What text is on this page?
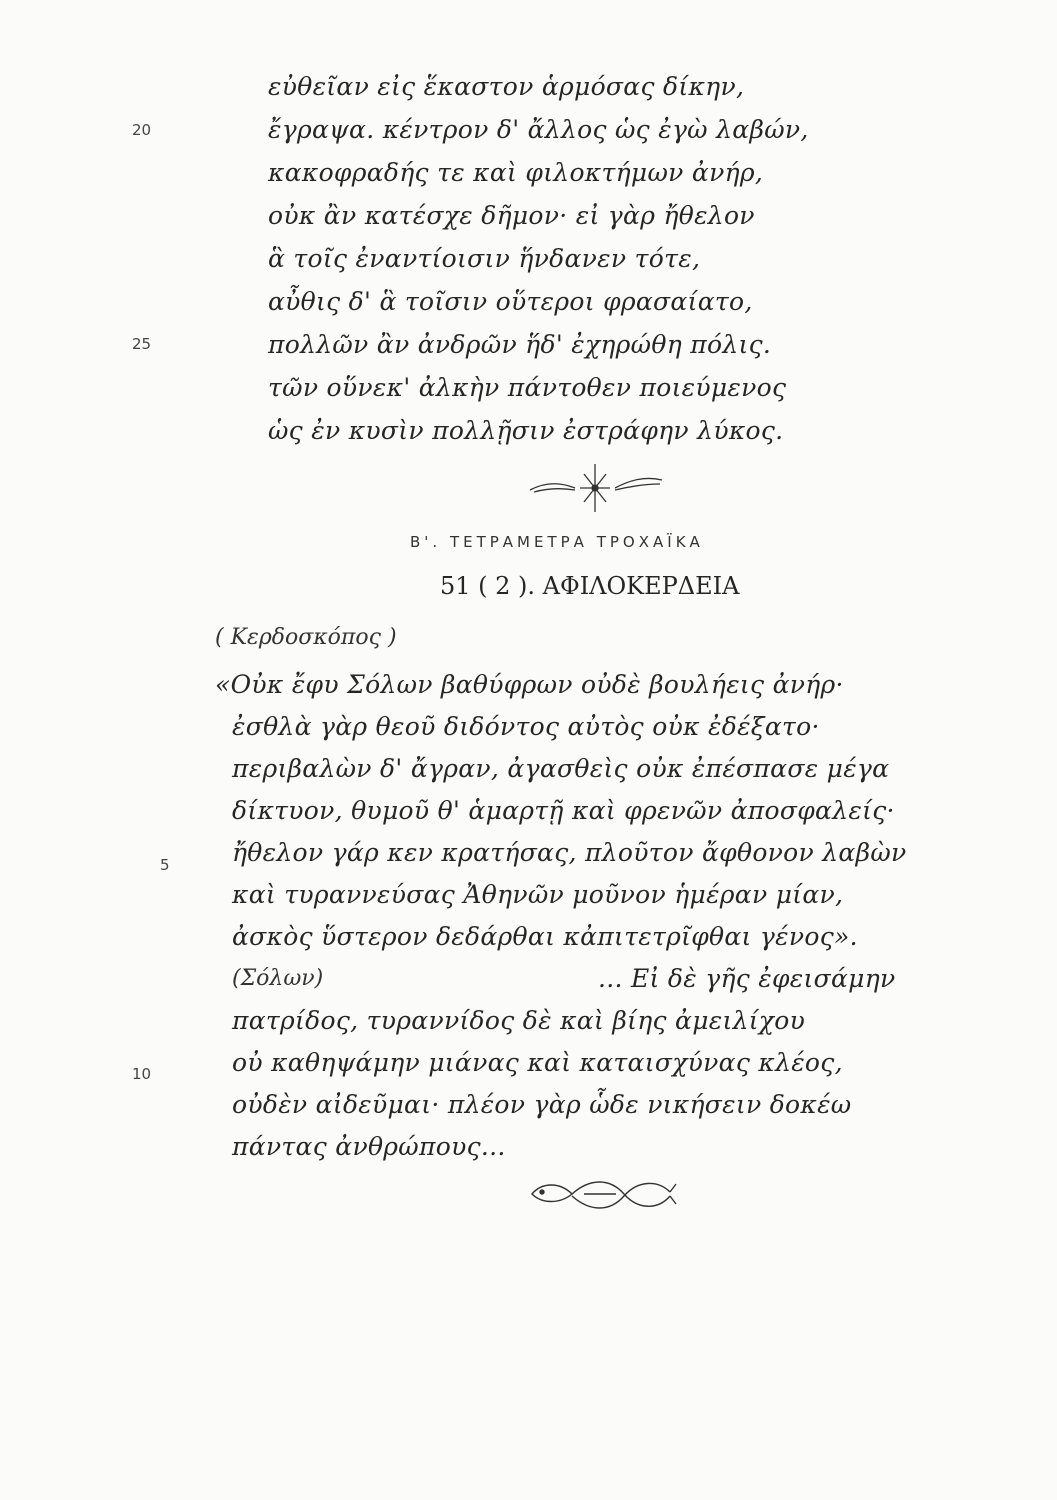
20
25
εὐθεῖαν εἰς ἕκαστον ἁρμόσας δίκην,
ἔγραψα. κέντρον δ' ἄλλος ὡς ἐγὼ λαβών,
κακοφραδής τε καὶ φιλοκτήμων ἀνήρ,
οὐκ ἂν κατέσχε δῆμον· εἰ γὰρ ἤθελον
ἃ τοῖς ἐναντίοισιν ἥνδανεν τότε,
αὖθις δ' ἃ τοῖσιν οὕτεροι φρασαίατο,
πολλῶν ἂν ἀνδρῶν ἥδ' ἐχηρώθη πόλις.
τῶν οὕνεκ' ἀλκὴν πάντοθεν ποιεύμενος
ὡς ἐν κυσὶν πολλῇσιν ἐστράφην λύκος.
Β'. ΤΕΤΡΑΜΕΤΡΑ ΤΡΟΧΑΪΚΑ
51 ( 2 ). ΑΦΙΛΟΚΕΡΔΕΙΑ
( Κερδοσκόπος )
5
10
«Οὐκ ἔφυ Σόλων βαθύφρων οὐδὲ βουλήεις ἀνήρ·
ἐσθλὰ γὰρ θεοῦ διδόντος αὐτὸς οὐκ ἐδέξατο·
περιβαλὼν δ' ἄγραν, ἀγασθεὶς οὐκ ἐπέσπασε μέγα
δίκτυον, θυμοῦ θ' ἁμαρτῇ καὶ φρενῶν ἀποσφαλείς·
ἤθελον γάρ κεν κρατήσας, πλοῦτον ἄφθονον λαβὼν
καὶ τυραννεύσας Ἀθηνῶν μοῦνον ἡμέραν μίαν,
ἀσκὸς ὕστερον δεδάρθαι κἀπιτετρῖφθαι γένος».
(Σόλων)	... Εἰ δὲ γῆς ἐφεισάμην
πατρίδος, τυραννίδος δὲ καὶ βίης ἀμειλίχου
οὐ καθηψάμην μιάνας καὶ καταισχύνας κλέος,
οὐδὲν αἰδεῦμαι· πλέον γὰρ ὧδε νικήσειν δοκέω
πάντας ἀνθρώπους...
